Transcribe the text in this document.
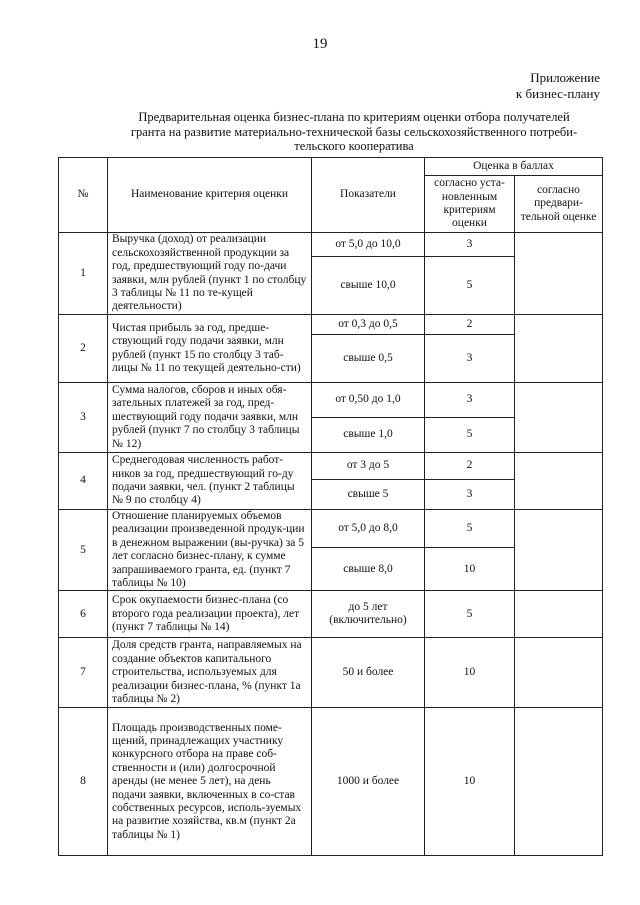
19
Приложение
к бизнес-плану
Предварительная оценка бизнес-плана по критериям оценки отбора получателей
гранта на развитие материально-технической базы сельскохозяйственного потреби-
тельского кооператива
№	Наименование критерия оценки	Показатели	Оценка в баллах	
			согласно уста-новленным критериям оценки	согласно предвари-тельной оценке
1	Выручка (доход) от реализации сельскохозяйственной продукции за год, предшествующий году по-дачи заявки, млн рублей (пункт 1 по столбцу 3 таблицы № 11 по те-кущей деятельности)	от 5,0 до 10,0	3	
		свыше 10,0	5	
2	Чистая прибыль за год, предше-ствующий году подачи заявки, млн рублей (пункт 15 по столбцу 3 таб-лицы № 11 по текущей деятельно-сти)	от 0,3 до 0,5	2	
		свыше 0,5	3	
3	Сумма налогов, сборов и иных обя-зательных платежей за год, пред-шествующий году подачи заявки, млн рублей (пункт 7 по столбцу 3 таблицы № 12)	от 0,50 до 1,0	3	
		свыше 1,0	5	
4	Среднегодовая численность работ-ников за год, предшествующий го-ду подачи заявки, чел. (пункт 2 таблицы № 9 по столбцу 4)	от 3 до 5	2	
		свыше 5	3	
5	Отношение планируемых объемов реализации произведенной продук-ции в денежном выражении (вы-ручка) за 5 лет согласно бизнес-плану, к сумме запрашиваемого гранта, ед. (пункт 7 таблицы № 10)	от 5,0 до 8,0	5	
		свыше 8,0	10	
6	Срок окупаемости бизнес-плана (со второго года реализации проекта), лет (пункт 7 таблицы № 14)	до 5 лет (включительно)	5	
7	Доля средств гранта, направляемых на создание объектов капитального строительства, используемых для реализации бизнес-плана, % (пункт 1а таблицы № 2)	50 и более	10	
8	Площадь производственных поме-щений, принадлежащих участнику конкурсного отбора на праве соб-ственности и (или) долгосрочной аренды (не менее 5 лет), на день подачи заявки, включенных в со-став собственных ресурсов, исполь-зуемых на развитие хозяйства, кв.м (пункт 2а таблицы № 1)	1000 и более	10	
